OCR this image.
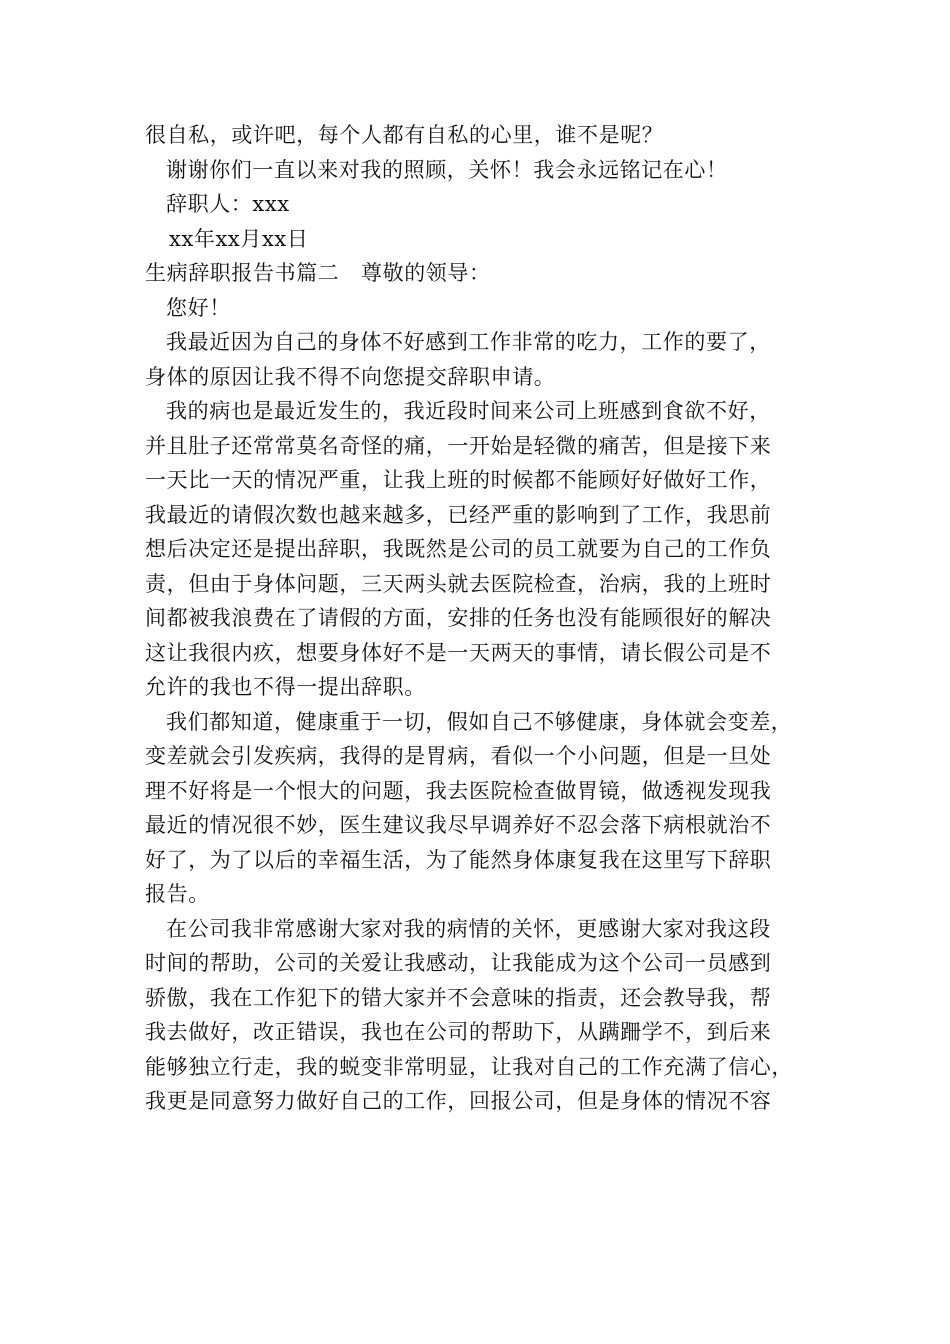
很自私，或许吧，每个人都有自私的心里，谁不是呢？
谢谢你们一直以来对我的照顾，关怀！我会永远铭记在心！
辞职人：xxx
xx年xx月xx日
生病辞职报告书篇二　尊敬的领导：
您好！
我最近因为自己的身体不好感到工作非常的吃力，工作的要了，
身体的原因让我不得不向您提交辞职申请。
我的病也是最近发生的，我近段时间来公司上班感到食欲不好，
并且肚子还常常莫名奇怪的痛，一开始是轻微的痛苦，但是接下来
一天比一天的情况严重，让我上班的时候都不能顾好好做好工作，
我最近的请假次数也越来越多，已经严重的影响到了工作，我思前
想后决定还是提出辞职，我既然是公司的员工就要为自己的工作负
责，但由于身体问题，三天两头就去医院检查，治病，我的上班时
间都被我浪费在了请假的方面，安排的任务也没有能顾很好的解决
这让我很内疚，想要身体好不是一天两天的事情，请长假公司是不
允许的我也不得一提出辞职。
我们都知道，健康重于一切，假如自己不够健康，身体就会变差，
变差就会引发疾病，我得的是胃病，看似一个小问题，但是一旦处
理不好将是一个恨大的问题，我去医院检查做胃镜，做透视发现我
最近的情况很不妙，医生建议我尽早调养好不忍会落下病根就治不
好了，为了以后的幸福生活，为了能然身体康复我在这里写下辞职
报告。
在公司我非常感谢大家对我的病情的关怀，更感谢大家对我这段
时间的帮助，公司的关爱让我感动，让我能成为这个公司一员感到
骄傲，我在工作犯下的错大家并不会意味的指责，还会教导我，帮
我去做好，改正错误，我也在公司的帮助下，从蹒跚学不，到后来
能够独立行走，我的蜕变非常明显，让我对自己的工作充满了信心，
我更是同意努力做好自己的工作，回报公司，但是身体的情况不容
